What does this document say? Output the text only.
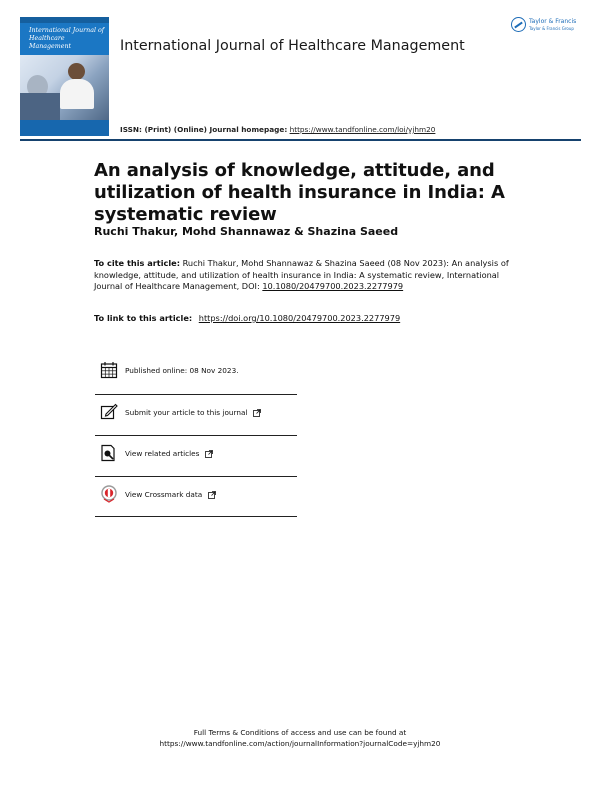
International Journal of Healthcare Management	International Journal of Healthcare Management
ISSN: (Print) (Online) Journal homepage: https://www.tandfonline.com/loi/yjhm20
Taylor & Francis
Taylor & Francis Group
An analysis of knowledge, attitude, and utilization of health insurance in India: A systematic review
Ruchi Thakur, Mohd Shannawaz & Shazina Saeed
To cite this article: Ruchi Thakur, Mohd Shannawaz & Shazina Saeed (08 Nov 2023): An analysis of knowledge, attitude, and utilization of health insurance in India: A systematic review, International Journal of Healthcare Management, DOI: 10.1080/20479700.2023.2277979
To link to this article: https://doi.org/10.1080/20479700.2023.2277979
Published online: 08 Nov 2023.
Submit your article to this journal
View related articles
View Crossmark data
Full Terms & Conditions of access and use can be found at
https://www.tandfonline.com/action/journalInformation?journalCode=yjhm20
